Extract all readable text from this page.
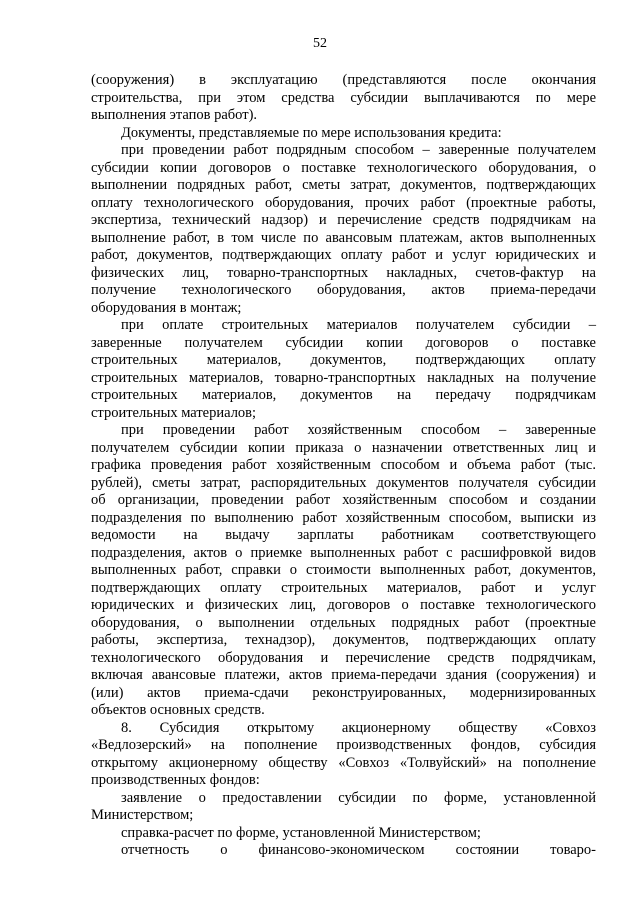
52
(сооружения) в эксплуатацию (представляются после окончания
строительства, при этом средства субсидии выплачиваются по мере
выполнения этапов работ).
Документы, представляемые по мере использования кредита:
при проведении работ подрядным способом – заверенные получателем
субсидии копии договоров о поставке технологического оборудования, о
выполнении подрядных работ, сметы затрат, документов, подтверждающих
оплату технологического оборудования, прочих работ (проектные работы,
экспертиза, технический надзор) и перечисление средств подрядчикам на
выполнение работ, в том числе по авансовым платежам, актов выполненных
работ, документов, подтверждающих оплату работ и услуг юридических и
физических лиц, товарно-транспортных накладных, счетов-фактур на
получение технологического оборудования, актов приема-передачи
оборудования в монтаж;
при оплате строительных материалов получателем субсидии –
заверенные получателем субсидии копии договоров о поставке
строительных материалов, документов, подтверждающих оплату
строительных материалов, товарно-транспортных накладных на получение
строительных материалов, документов на передачу подрядчикам
строительных материалов;
при проведении работ хозяйственным способом – заверенные
получателем субсидии копии приказа о назначении ответственных лиц и
графика проведения работ хозяйственным способом и объема работ (тыс.
рублей), сметы затрат, распорядительных документов получателя субсидии
об организации, проведении работ хозяйственным способом и создании
подразделения по выполнению работ хозяйственным способом, выписки из
ведомости на выдачу зарплаты работникам соответствующего
подразделения, актов о приемке выполненных работ с расшифровкой видов
выполненных работ, справки о стоимости выполненных работ, документов,
подтверждающих оплату строительных материалов, работ и услуг
юридических и физических лиц, договоров о поставке технологического
оборудования, о выполнении отдельных подрядных работ (проектные
работы, экспертиза, технадзор), документов, подтверждающих оплату
технологического оборудования и перечисление средств подрядчикам,
включая авансовые платежи, актов приема-передачи здания (сооружения) и
(или) актов приема-сдачи реконструированных, модернизированных
объектов основных средств.
8. Субсидия открытому акционерному обществу «Совхоз
«Ведлозерский» на пополнение производственных фондов, субсидия
открытому акционерному обществу «Совхоз «Толвуйский» на пополнение
производственных фондов:
заявление о предоставлении субсидии по форме, установленной
Министерством;
справка-расчет по форме, установленной Министерством;
отчетность о финансово-экономическом состоянии товаро-
